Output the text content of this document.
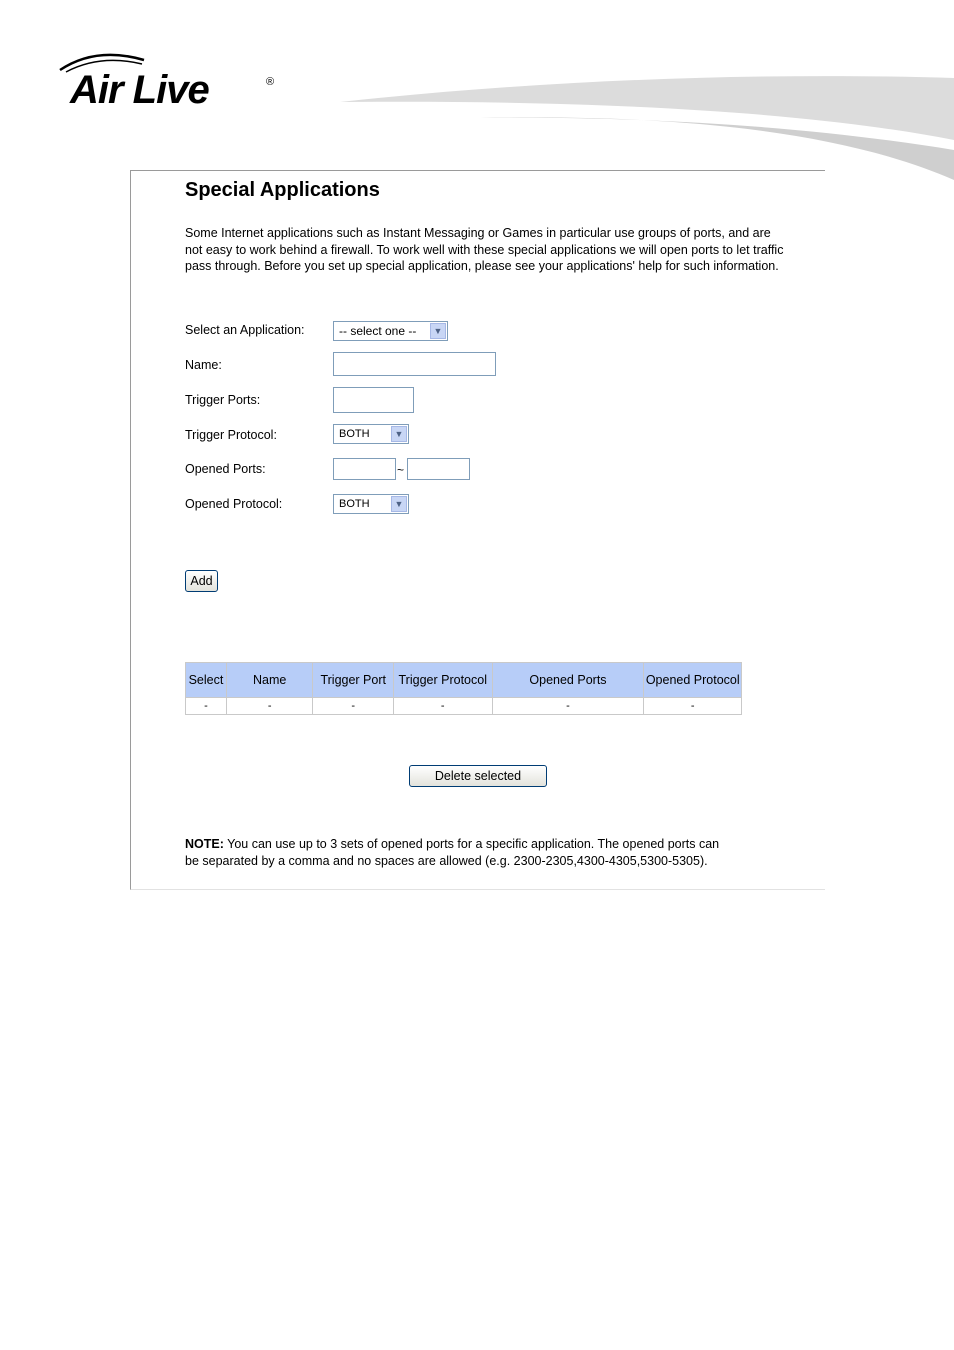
Air Live	®
Special Applications
Some Internet applications such as Instant Messaging or Games in particular use groups of ports, and are not easy to work behind a firewall. To work well with these special applications we will open ports to let traffic pass through. Before you set up special application, please see your applications' help for such information.
Select an Application:	-- select one --	▼
Name:
Trigger Ports:
Trigger Protocol:	BOTH	▼
Opened Ports:	~
Opened Protocol:	BOTH	▼
Add
Select	Name	Trigger Port	Trigger Protocol	Opened Ports	Opened Protocol
-	-	-	-	-	-
Delete selected
NOTE: You can use up to 3 sets of opened ports for a specific application. The opened ports can be separated by a comma and no spaces are allowed (e.g. 2300-2305,4300-4305,5300-5305).
